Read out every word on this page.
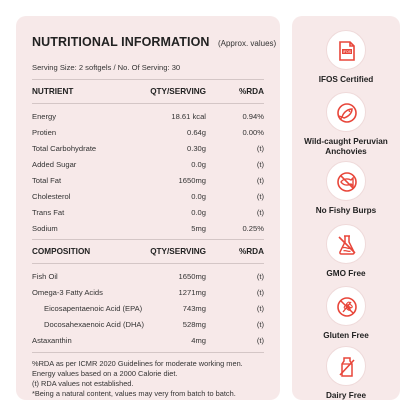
NUTRITIONAL INFORMATION (Approx. values)
Serving Size: 2 softgels / No. Of Serving: 30
NUTRIENT	QTY/SERVING	%RDA
Energy	18.61 kcal	0.94%
Protien	0.64g	0.00%
Total Carbohydrate	0.30g	(t)
Added Sugar	0.0g	(t)
Total Fat	1650mg	(t)
Cholesterol	0.0g	(t)
Trans Fat	0.0g	(t)
Sodium	5mg	0.25%
COMPOSITION	QTY/SERVING	%RDA
Fish Oil	1650mg	(t)
Omega-3 Fatty Acids	1271mg	(t)
Eicosapentaenoic Acid (EPA)	743mg	(t)
Docosahexaenoic Acid (DHA)	528mg	(t)
Astaxanthin	4mg	(t)
%RDA as per ICMR 2020 Guidelines for moderate working men.
Energy values based on a 2000 Calorie diet.
(t) RDA values not established.
*Being a natural content, values may very from batch to batch.
IFOS
IFOS Certified
Wild-caught Peruvian Anchovies
No Fishy Burps
GMO Free
Gluten Free
Dairy Free
